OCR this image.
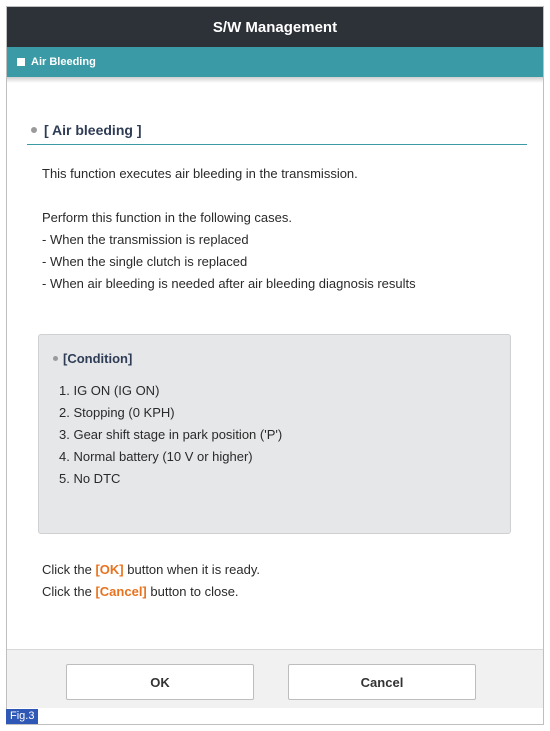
S/W Management
Air Bleeding
[ Air bleeding ]

This function executes air bleeding in the transmission.

Perform this function in the following cases.

- When the transmission is replaced

- When the single clutch is replaced

- When air bleeding is needed after air bleeding diagnosis results

[Condition]
1. IG ON (IG ON)
2. Stopping (0 KPH)
3. Gear shift stage in park position ('P')
4. Normal battery (10 V or higher)
5. No DTC
Click the [OK] button when it is ready.
Click the [Cancel] button to close.
OK	Cancel
Fig.3
